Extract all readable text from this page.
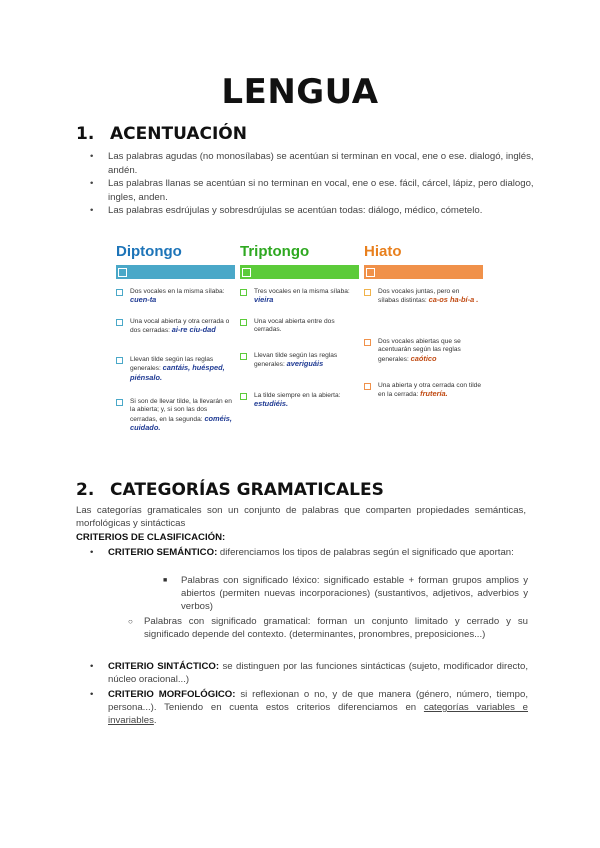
LENGUA
1. ACENTUACIÓN
• Las palabras agudas (no monosílabas) se acentúan si terminan en vocal, ene o ese. dialogó, inglés, andén.
• Las palabras llanas se acentúan si no terminan en vocal, ene o ese. fácil, cárcel, lápiz, pero dialogo, ingles, anden.
• Las palabras esdrújulas y sobresdrújulas se acentúan todas: diálogo, médico, cómetelo.
Diptongo
Dos vocales en la misma sílaba: cuen-ta
Una vocal abierta y otra cerrada o dos cerradas: ai-re ciu-dad
Llevan tilde según las reglas generales: cantáis, huésped, piénsalo.
Si son de llevar tilde, la llevarán en la abierta; y, si son las dos cerradas, en la segunda: coméis, cuidado.
Triptongo
Tres vocales en la misma sílaba: vieira
Una vocal abierta entre dos cerradas.
Llevan tilde según las reglas generales: averiguáis
La tilde siempre en la abierta: estudiéis.
Hiato
Dos vocales juntas, pero en sílabas distintas: ca-os ha-bí-a .
Dos vocales abiertas que se acentuarán según las reglas generales: caótico
Una abierta y otra cerrada con tilde en la cerrada: frutería.
2. CATEGORÍAS GRAMATICALES
Las categorías gramaticales son un conjunto de palabras que comparten propiedades semánticas, morfológicas y sintácticas
CRITERIOS DE CLASIFICACIÓN:
• CRITERIO SEMÁNTICO: diferenciamos los tipos de palabras según el significado que aportan:
■ Palabras con significado léxico: significado estable + forman grupos amplios y abiertos (permiten nuevas incorporaciones) (sustantivos, adjetivos, adverbios y verbos)
○ Palabras con significado gramatical: forman un conjunto limitado y cerrado y su significado depende del contexto. (determinantes, pronombres, preposiciones...)
• CRITERIO SINTÁCTICO: se distinguen por las funciones sintácticas (sujeto, modificador directo, núcleo oracional...)
• CRITERIO MORFOLÓGICO: si reflexionan o no, y de que manera (género, número, tiempo, persona...). Teniendo en cuenta estos criterios diferenciamos en categorías variables e invariables.
